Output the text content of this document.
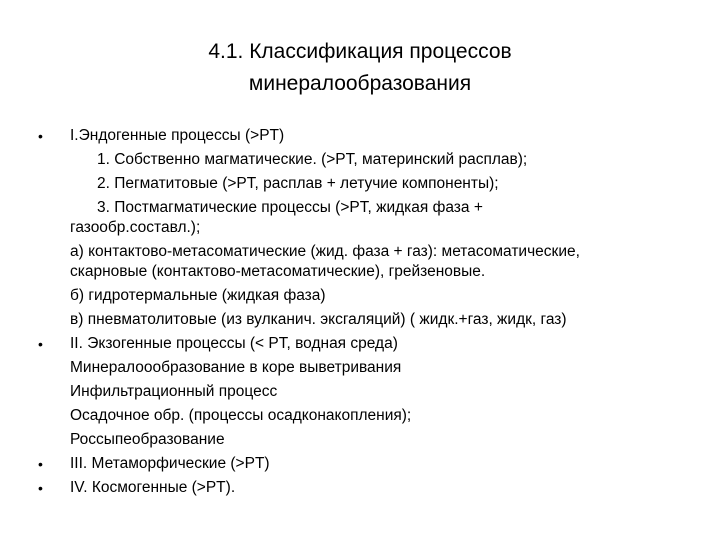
4.1. Классификация процессов
минералообразования
• I.Эндогенные процессы (>PT)
1. Собственно магматические. (>PT, материнский расплав);
2. Пегматитовые (>PT, расплав + летучие компоненты);
3. Постмагматические процессы (>PT, жидкая фаза +
газообр.составл.);
а) контактово-метасоматические (жид. фаза + газ): метасоматические,
скарновые (контактово-метасоматические), грейзеновые.
б) гидротермальные (жидкая фаза)
в) пневматолитовые (из вулканич. эксгаляций) ( жидк.+газ, жидк, газ)
• II. Экзогенные процессы (< PT, водная среда)
Минералоообразование в коре выветривания
Инфильтрационный процесс
Осадочное обр. (процессы осадконакопления);
Россыпеобразование
• III. Метаморфические (>PT)
• IV. Космогенные (>PT).
